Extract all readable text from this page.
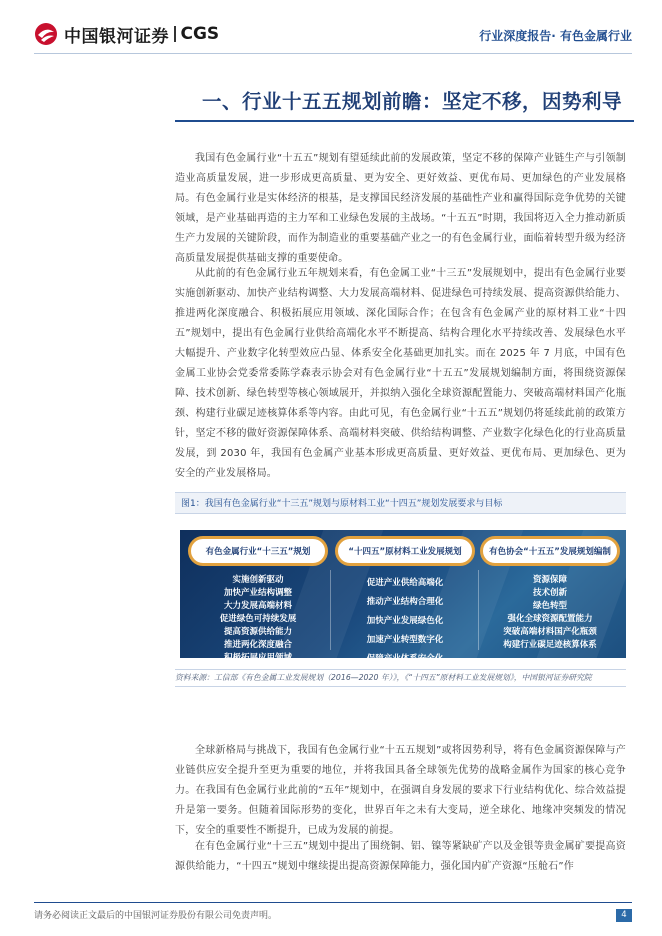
中国银河证券 CGS	行业深度报告· 有色金属行业
一、行业十五五规划前瞻：坚定不移，因势利导

我国有色金属行业“十五五”规划有望延续此前的发展政策，坚定不移的保障产业链生产与引领制造业高质量发展，进一步形成更高质量、更为安全、更好效益、更优布局、更加绿色的产业发展格局。有色金属行业是实体经济的根基，是支撑国民经济发展的基础性产业和赢得国际竞争优势的关键领域，是产业基础再造的主力军和工业绿色发展的主战场。“十五五”时期，我国将迈入全力推动新质生产力发展的关键阶段，而作为制造业的重要基础产业之一的有色金属行业，面临着转型升级为经济高质量发展提供基础支撑的重要使命。

从此前的有色金属行业五年规划来看，有色金属工业“十三五”发展规划中，提出有色金属行业要实施创新驱动、加快产业结构调整、大力发展高端材料、促进绿色可持续发展、提高资源供给能力、推进两化深度融合、积极拓展应用领域、深化国际合作；在包含有色金属产业的原材料工业“十四五”规划中，提出有色金属行业供给高端化水平不断提高、结构合理化水平持续改善、发展绿色水平大幅提升、产业数字化转型效应凸显、体系安全化基础更加扎实。而在 2025 年 7 月底，中国有色金属工业协会党委常委陈学森表示协会对有色金属行业“十五五”发展规划编制方面，将围绕资源保障、技术创新、绿色转型等核心领域展开，并拟纳入强化全球资源配置能力、突破高端材料国产化瓶颈、构建行业碳足迹核算体系等内容。由此可见，有色金属行业“十五五”规划仍将延续此前的政策方针，坚定不移的做好资源保障体系、高端材料突破、供给结构调整、产业数字化绿色化的行业高质量发展，到 2030 年，我国有色金属产业基本形成更高质量、更好效益、更优布局、更加绿色、更为安全的产业发展格局。

图1：我国有色金属行业“十三五”规划与原材料工业“十四五”规划发展要求与目标
有色金属行业“十三五”规划
实施创新驱动
加快产业结构调整
大力发展高端材料
促进绿色可持续发展
提高资源供给能力
推进两化深度融合
积极拓展应用领域
“十四五”原材料工业发展规划
促进产业供给高端化
推动产业结构合理化
加快产业发展绿色化
加速产业转型数字化
保障产业体系安全化
有色协会“十五五”发展规划编制
资源保障
技术创新
绿色转型
强化全球资源配置能力
突破高端材料国产化瓶颈
构建行业碳足迹核算体系
资料来源：工信部《有色金属工业发展规划（2016—2020 年）》，《“十四五”原材料工业发展规划》，中国银河证券研究院

全球新格局与挑战下，我国有色金属行业“十五五规划”或将因势利导，将有色金属资源保障与产业链供应安全提升至更为重要的地位，并将我国具备全球领先优势的战略金属作为国家的核心竞争力。在我国有色金属行业此前的“五年”规划中，在强调自身发展的要求下行业结构优化、综合效益提升是第一要务。但随着国际形势的变化，世界百年之未有大变局，逆全球化、地缘冲突频发的情况下，安全的重要性不断提升，已成为发展的前提。

在有色金属行业“十三五”规划中提出了围绕铜、铝、镍等紧缺矿产以及金银等贵金属矿要提高资源供给能力，“十四五”规划中继续提出提高资源保障能力，强化国内矿产资源“压舱石”作

请务必阅读正文最后的中国银河证券股份有限公司免责声明。	4
